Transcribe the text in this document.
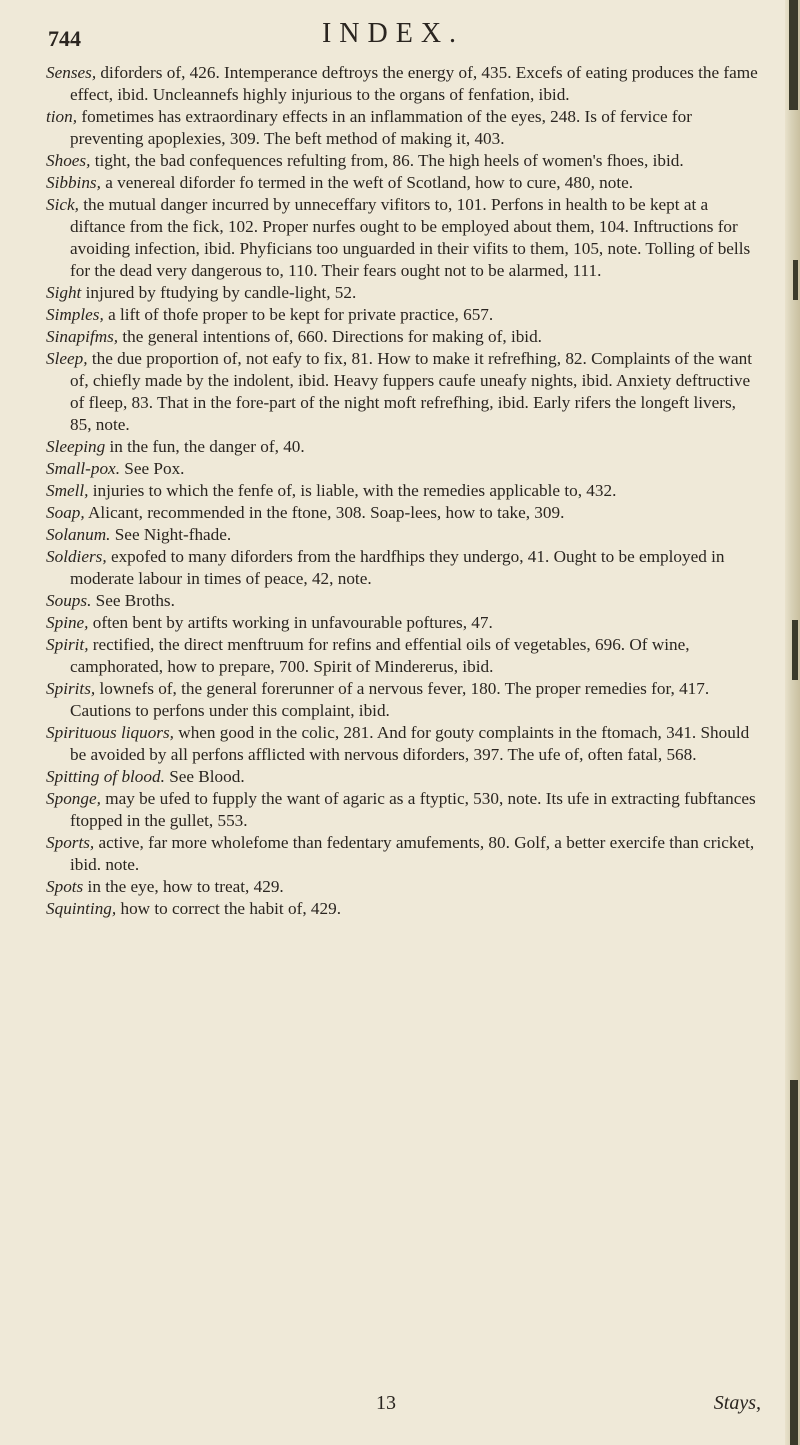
744	INDEX.

Senses, diforders of, 426. Intemperance deftroys the energy of, 435. Excefs of eating produces the fame effect, ibid. Uncleannefs highly injurious to the organs of fenfation, ibid.

tion, fometimes has extraordinary effects in an inflammation of the eyes, 248. Is of fervice for preventing apoplexies, 309. The beft method of making it, 403.

Shoes, tight, the bad confequences refulting from, 86. The high heels of women's fhoes, ibid.

Sibbins, a venereal diforder fo termed in the weft of Scotland, how to cure, 480, note.

Sick, the mutual danger incurred by unneceffary vifitors to, 101. Perfons in health to be kept at a diftance from the fick, 102. Proper nurfes ought to be employed about them, 104. Inftructions for avoiding infection, ibid. Phyficians too unguarded in their vifits to them, 105, note. Tolling of bells for the dead very dangerous to, 110. Their fears ought not to be alarmed, 111.

Sight injured by ftudying by candle-light, 52.

Simples, a lift of thofe proper to be kept for private practice, 657.

Sinapifms, the general intentions of, 660. Directions for making of, ibid.

Sleep, the due proportion of, not eafy to fix, 81. How to make it refrefhing, 82. Complaints of the want of, chiefly made by the indolent, ibid. Heavy fuppers caufe uneafy nights, ibid. Anxiety deftructive of fleep, 83. That in the fore-part of the night moft refrefhing, ibid. Early rifers the longeft livers, 85, note.

Sleeping in the fun, the danger of, 40.

Small-pox. See Pox.

Smell, injuries to which the fenfe of, is liable, with the remedies applicable to, 432.

Soap, Alicant, recommended in the ftone, 308. Soap-lees, how to take, 309.

Solanum. See Night-fhade.

Soldiers, expofed to many diforders from the hardfhips they undergo, 41. Ought to be employed in moderate labour in times of peace, 42, note.

Soups. See Broths.

Spine, often bent by artifts working in unfavourable poftures, 47.

Spirit, rectified, the direct menftruum for refins and effential oils of vegetables, 696. Of wine, camphorated, how to prepare, 700. Spirit of Mindererus, ibid.

Spirits, lownefs of, the general forerunner of a nervous fever, 180. The proper remedies for, 417. Cautions to perfons under this complaint, ibid.

Spirituous liquors, when good in the colic, 281. And for gouty complaints in the ftomach, 341. Should be avoided by all perfons afflicted with nervous diforders, 397. The ufe of, often fatal, 568.

Spitting of blood. See Blood.

Sponge, may be ufed to fupply the want of agaric as a ftyptic, 530, note. Its ufe in extracting fubftances ftopped in the gullet, 553.

Sports, active, far more wholefome than fedentary amufements, 80. Golf, a better exercife than cricket, ibid. note.

Spots in the eye, how to treat, 429.

Squinting, how to correct the habit of, 429.

13	Stays,
